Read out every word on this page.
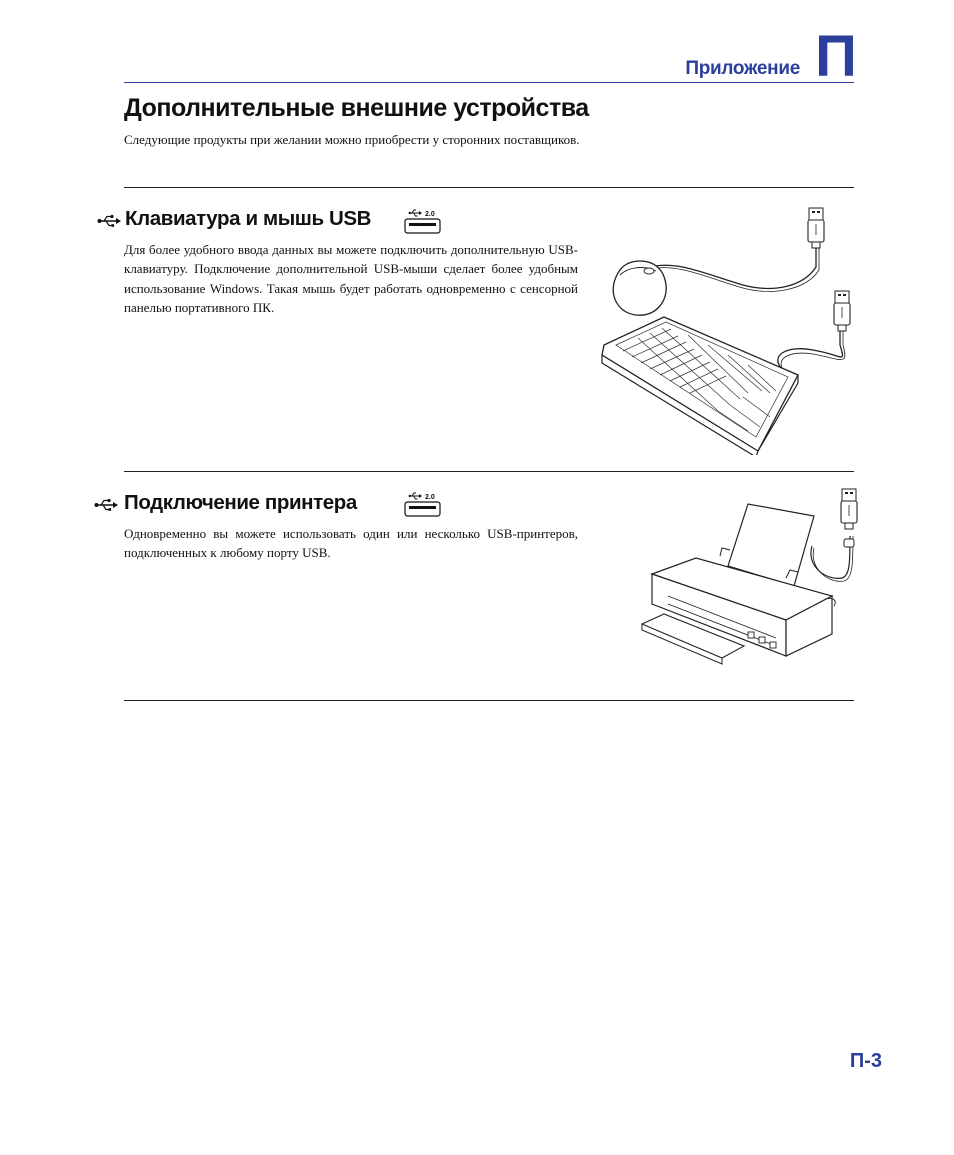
Приложение П
Дополнительные внешние устройства
Следующие продукты при желании можно приобрести у сторонних поставщиков.
Клавиатура и мышь USB	2.0
Для более удобного ввода данных вы можете подключить дополнительную USB-клавиатуру. Подключение дополнительной USB-мыши сделает более удобным использование Windows. Такая мышь будет работать одновременно с сенсорной панелью портативного ПК.
Подключение принтера	2.0
Одновременно вы можете использовать один или несколько USB-принтеров, подключенных к любому порту USB.
П-3
